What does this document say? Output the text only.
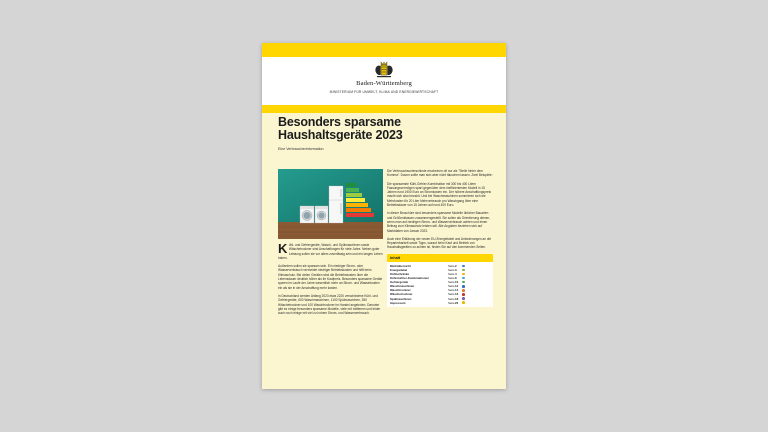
Baden-Württemberg
MINISTERIUM FÜR UMWELT, KLIMA UND ENERGIEWIRTSCHAFT
Besonders sparsame
Haushaltsgeräte 2023
Eine Verbraucherinformation

Kühl- und Gefriergeräte, Wasch- und Spülmaschinen sowie Wäschetrockner sind Anschaffungen für viele Jahre. Neben guter Leistung sollen sie vor allem zuverlässig sein und ein langes Leben haben.

Außerdem sollen sie sparsam sein. Ein niedriger Strom- oder Wasserverbrauch vermeidet niedriger Betriebskosten und hilft beim Klimaschutz. Bei vielen Geräten sind die Betriebskosten über die Lebensdauer deutlich höher als ihr Kaufpreis. Besonders sparsame Geräte sparen im Laufe der Jahre wesentlich mehr an Strom- und Wasserkosten ein als sie in der Anschaffung mehr kosten.

In Deutschland werden Anfang 2023 etwa 2220 verschiedene Kühl- und Gefriergeräte, 600 Waschmaschinen, 1100 Spülmaschinen, 350 Wäschetrockner und 100 Waschtrockner im Handel angeboten. Darunter gibt es einige besonders sparsame Modelle, viele mit mittlerem und leider auch noch einige mit viel zu hohem Strom- und Wasserverbrauch.

Die Verbrauchsunterschiede erscheinen oft nur als "Stelle hinter dem Komma". Davon sollte man sich aber nicht täuschen lassen. Zwei Beispiele:

Die sparsamste Kühl-Gefrier-Kombination mit 300 bis 400 Litern Fassungsvermögen spart gegenüber dem ineffizientesten Modell in 15 Jahren rund 1900 Euro an Stromkosten ein. Der höhere Anschaffungspreis macht sich also bezahlt. Und bei Waschmaschinen summieren sich die Mehrkosten für 20 Liter Mehrverbrauch pro Waschgang über eine Betriebsdauer von 15 Jahren auf rund 400 Euro.

In dieser Broschüre sind besonders sparsame Modelle üblicher Bauarten und Größenklassen zusammengestellt. Sie sollen als Orientierung dienen, wenn man auf niedrigen Strom- und Wasserverbrauch achten und einen Beitrag zum Klimaschutz leisten will. Alle Angaben beziehen sich auf Marktdaten von Januar 2023.

Auch eine Erklärung der neuen EU-Energielabel und Anforderungen an die Reparierbarkeit sowie Tipps, worauf beim Kauf und Betrieb von Haushaltsgeräten zu achten ist, finden Sie auf den kommenden Seiten.

Inhalt
Marktübersicht	Seite 2
Energielabel	Seite 3
Kühlschränke	Seite 4
Kühl-Gefrier-Kombinationen	Seite 8
Gefriergeräte	Seite 10
Waschmaschinen	Seite 12
Waschtrockner	Seite 14
Wäschetrockner	Seite 16
Spülmaschinen	Seite 18
Impressum	Seite 22
